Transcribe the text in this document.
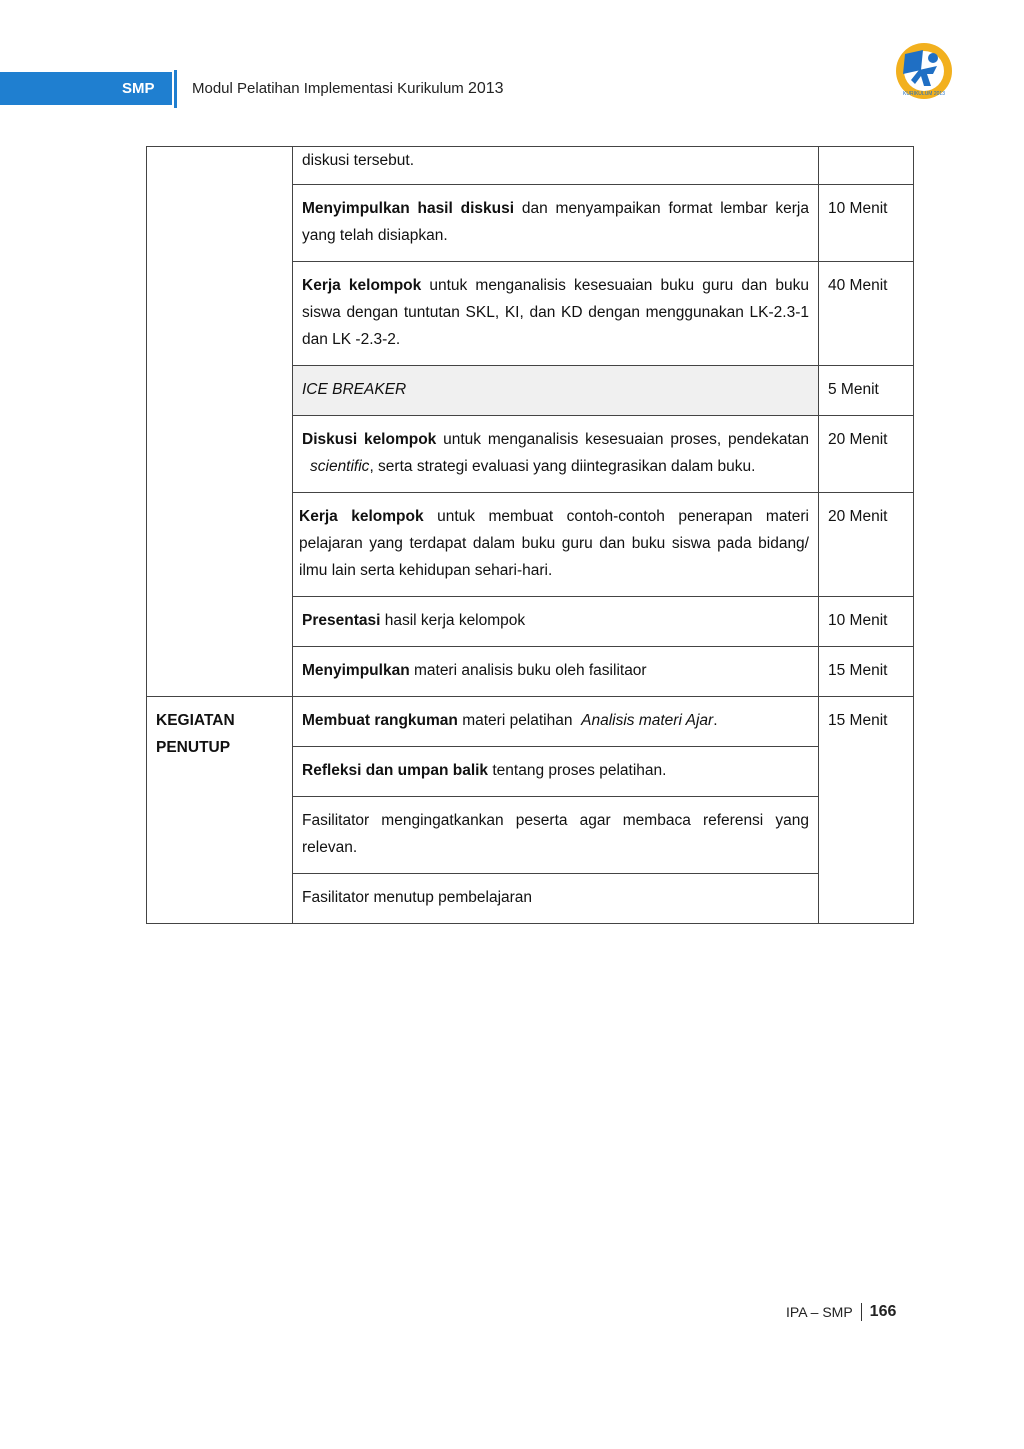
SMP Modul Pelatihan Implementasi Kurikulum 2013	KURIKULUM 2013
	diskusi tersebut.	
	Menyimpulkan hasil diskusi dan menyampaikan format lembar kerja yang telah disiapkan.	10 Menit
	Kerja kelompok untuk menganalisis kesesuaian buku guru dan buku siswa dengan tuntutan SKL, KI, dan KD dengan menggunakan LK-2.3-1 dan LK -2.3-2.	40 Menit
	ICE BREAKER	5 Menit
	Diskusi kelompok untuk menganalisis kesesuaian proses, pendekatan scientific, serta strategi evaluasi yang diintegrasikan dalam buku.	20 Menit
	Kerja kelompok untuk membuat contoh-contoh penerapan materi pelajaran yang terdapat dalam buku guru dan buku siswa pada bidang/ ilmu lain serta kehidupan sehari-hari.	20 Menit
	Presentasi hasil kerja kelompok	10 Menit
	Menyimpulkan materi analisis buku oleh fasilitaor	15 Menit
KEGIATAN PENUTUP	Membuat rangkuman materi pelatihan  Analisis materi Ajar.	15 Menit
	Refleksi dan umpan balik tentang proses pelatihan.	
	Fasilitator mengingatkankan peserta agar membaca referensi yang relevan.	
	Fasilitator menutup pembelajaran	
IPA – SMP 166
